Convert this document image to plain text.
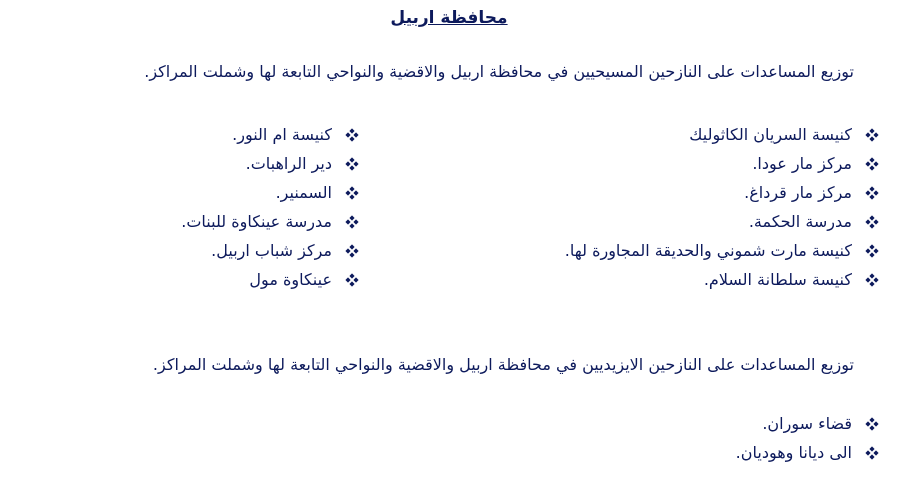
محافظة اربيل
توزيع المساعدات على النازحين المسيحيين في محافظة اربيل والاقضية والنواحي التابعة لها وشملت المراكز.
كنيسة السريان الكاثوليك
مركز مار عودا.
مركز مار قرداغ.
مدرسة الحكمة.
كنيسة مارت شموني والحديقة المجاورة لها.
كنيسة سلطانة السلام.
كنيسة ام النور.
دير الراهبات.
السمنير.
مدرسة عينكاوة للبنات.
مركز شباب اربيل.
عينكاوة مول
توزيع المساعدات على النازحين الايزيديين في محافظة اربيل والاقضية والنواحي التابعة لها وشملت المراكز.
قضاء سوران.
الى ديانا وهوديان.
